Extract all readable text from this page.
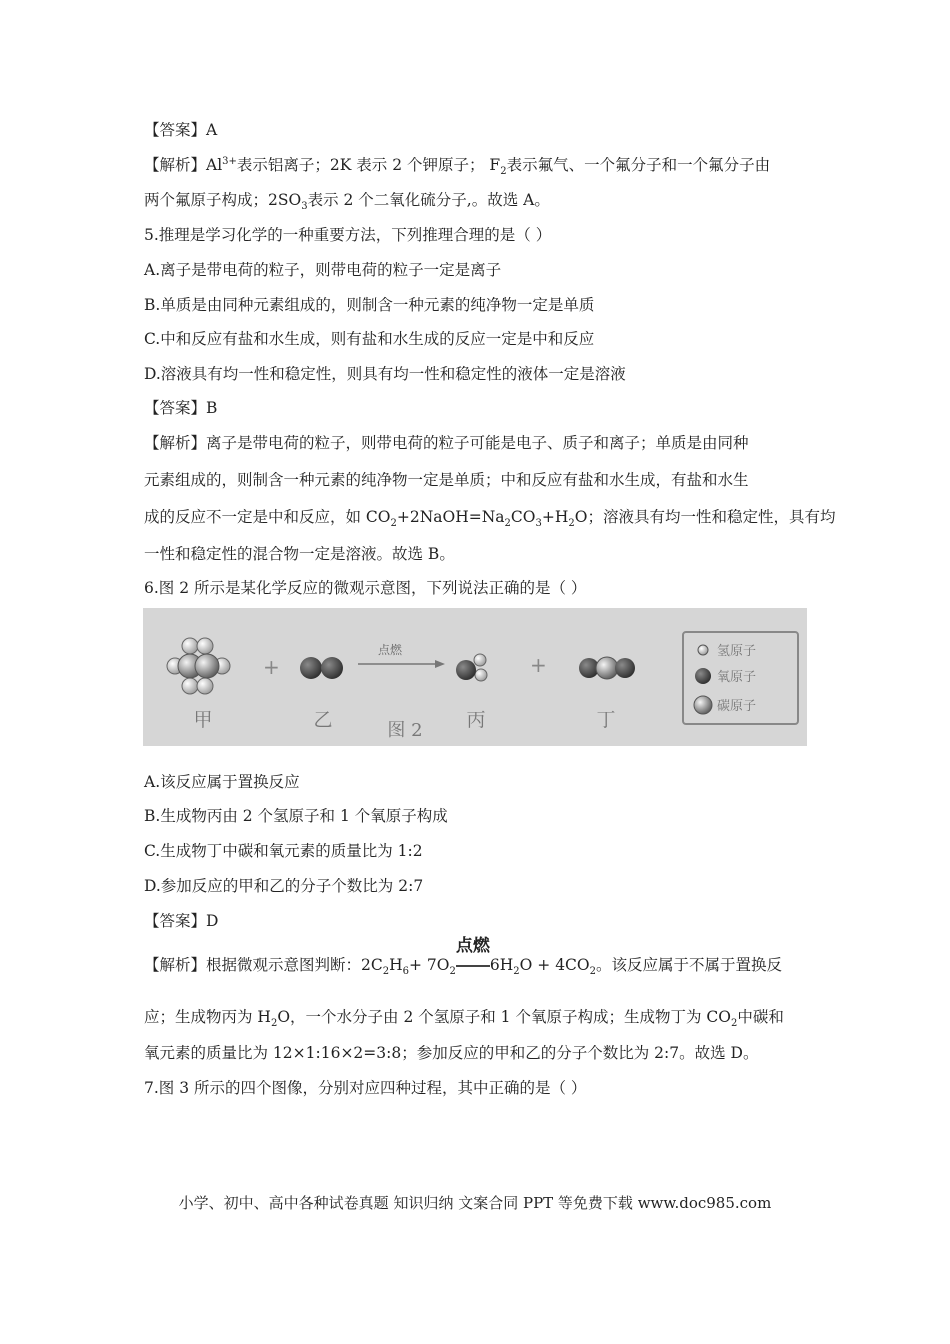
【答案】A
【解析】$Al^{3+}$表示铝离子；2K 表示 2 个钾原子； $F_2$表示氟气、一个氟分子和一个氟分子由
两个氟原子构成；$2SO_3$表示 2 个二氧化硫分子,。故选 A。
5.推理是学习化学的一种重要方法，下列推理合理的是（ ）
A.离子是带电荷的粒子，则带电荷的粒子一定是离子
B.单质是由同种元素组成的，则制含一种元素的纯净物一定是单质
C.中和反应有盐和水生成，则有盐和水生成的反应一定是中和反应
D.溶液具有均一性和稳定性，则具有均一性和稳定性的液体一定是溶液
【答案】B
【解析】离子是带电荷的粒子，则带电荷的粒子可能是电子、质子和离子；单质是由同种
元素组成的，则制含一种元素的纯净物一定是单质；中和反应有盐和水生成，有盐和水生
成的反应不一定是中和反应，如 $CO_2+2NaOH=Na_2CO_3+H_2O$；溶液具有均一性和稳定性，具有均
一性和稳定性的混合物一定是溶液。故选 B。
6.图 2 所示是某化学反应的微观示意图，下列说法正确的是（ ）
+
点燃
+
甲	乙	图 2 丙	丁
氢原子
氧原子
碳原子
A.该反应属于置换反应
B.生成物丙由 2 个氢原子和 1 个氧原子构成
C.生成物丁中碳和氧元素的质量比为 1:2
D.参加反应的甲和乙的分子个数比为 2:7
【答案】D
【解析】根据微观示意图判断：$2C_2H_6+ 7O_2$
点燃
$6H_2O + 4CO_2$。该反应属于不属于置换反
应；生成物丙为 $H_2O$，一个水分子由 2 个氢原子和 1 个氧原子构成；生成物丁为 $CO_2$中碳和
氧元素的质量比为 12×1:16×2=3:8；参加反应的甲和乙的分子个数比为 2:7。故选 D。
7.图 3 所示的四个图像，分别对应四种过程，其中正确的是（ ）
小学、初中、高中各种试卷真题 知识归纳 文案合同 PPT 等免费下载 www.doc985.com
